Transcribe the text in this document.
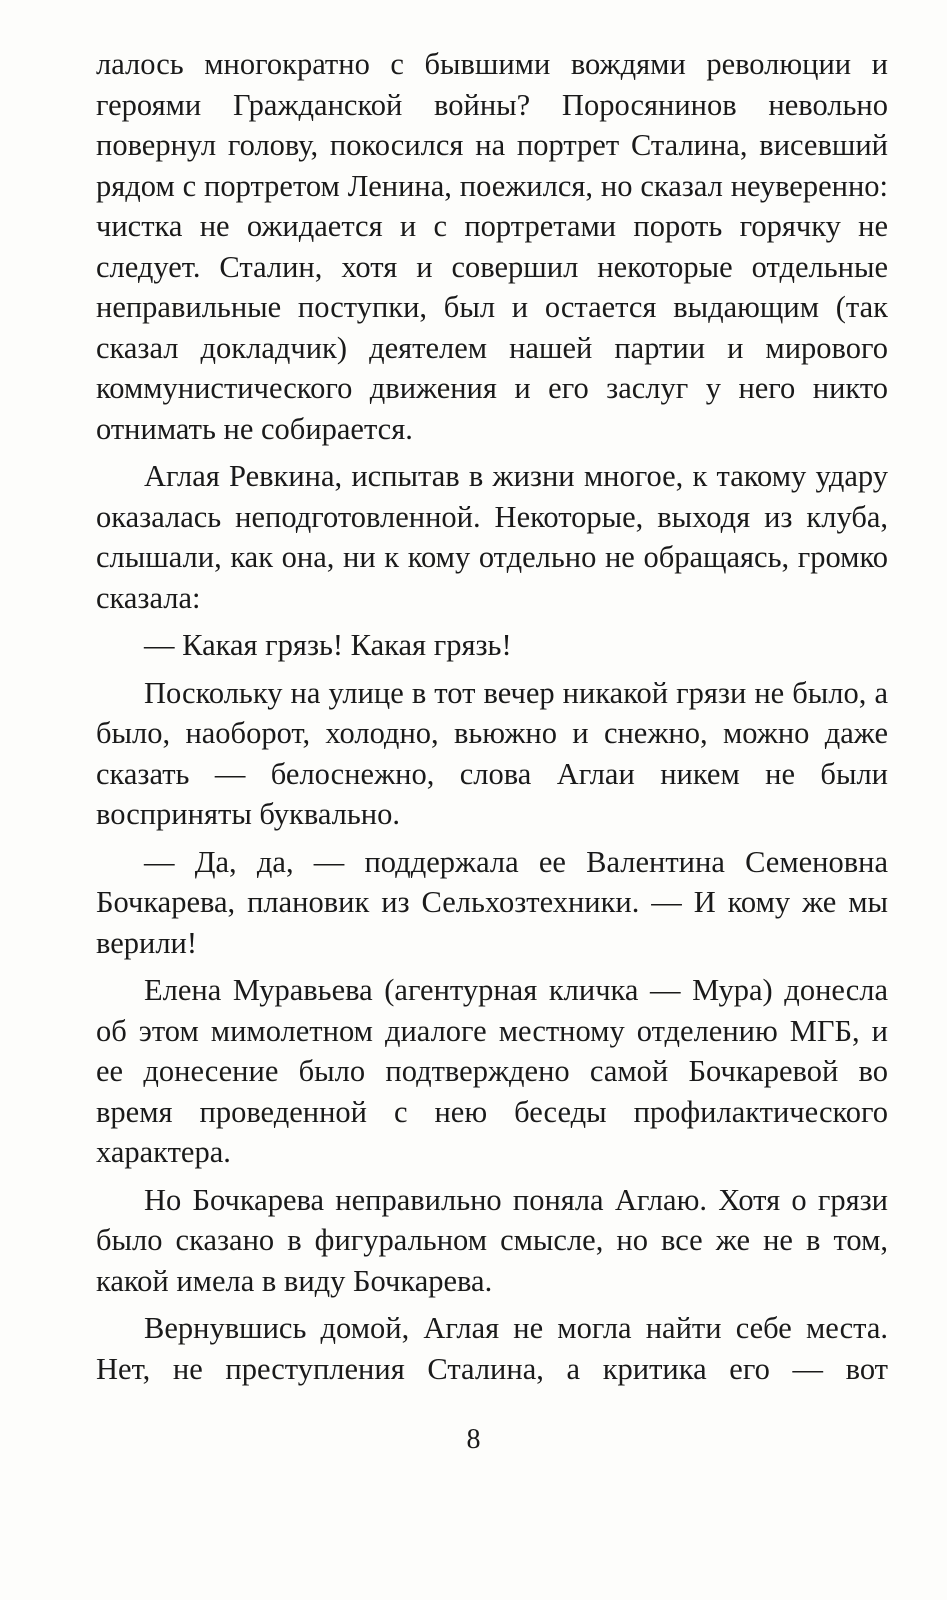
лалось многократно с бывшими вождями революции и героями Гражданской войны? Поросянинов невольно повернул голову, покосился на портрет Сталина, висевший рядом с портретом Ленина, поежился, но сказал неуверенно: чистка не ожидается и с портретами пороть горячку не следует. Сталин, хотя и совершил некоторые отдельные неправильные поступки, был и остается выдающим (так сказал докладчик) деятелем нашей партии и мирового коммунистического движения и его заслуг у него никто отнимать не собирается.

Аглая Ревкина, испытав в жизни многое, к такому удару оказалась неподготовленной. Некоторые, выходя из клуба, слышали, как она, ни к кому отдельно не обращаясь, громко сказала:

— Какая грязь! Какая грязь!

Поскольку на улице в тот вечер никакой грязи не было, а было, наоборот, холодно, вьюжно и снежно, можно даже сказать — белоснежно, слова Аглаи никем не были восприняты буквально.

— Да, да, — поддержала ее Валентина Семеновна Бочкарева, плановик из Сельхозтехники. — И кому же мы верили!

Елена Муравьева (агентурная кличка — Мура) донесла об этом мимолетном диалоге местному отделению МГБ, и ее донесение было подтверждено самой Бочкаревой во время проведенной с нею беседы профилактического характера.

Но Бочкарева неправильно поняла Аглаю. Хотя о грязи было сказано в фигуральном смысле, но все же не в том, какой имела в виду Бочкарева.

Вернувшись домой, Аглая не могла найти себе места. Нет, не преступления Сталина, а критика его — вот

8
